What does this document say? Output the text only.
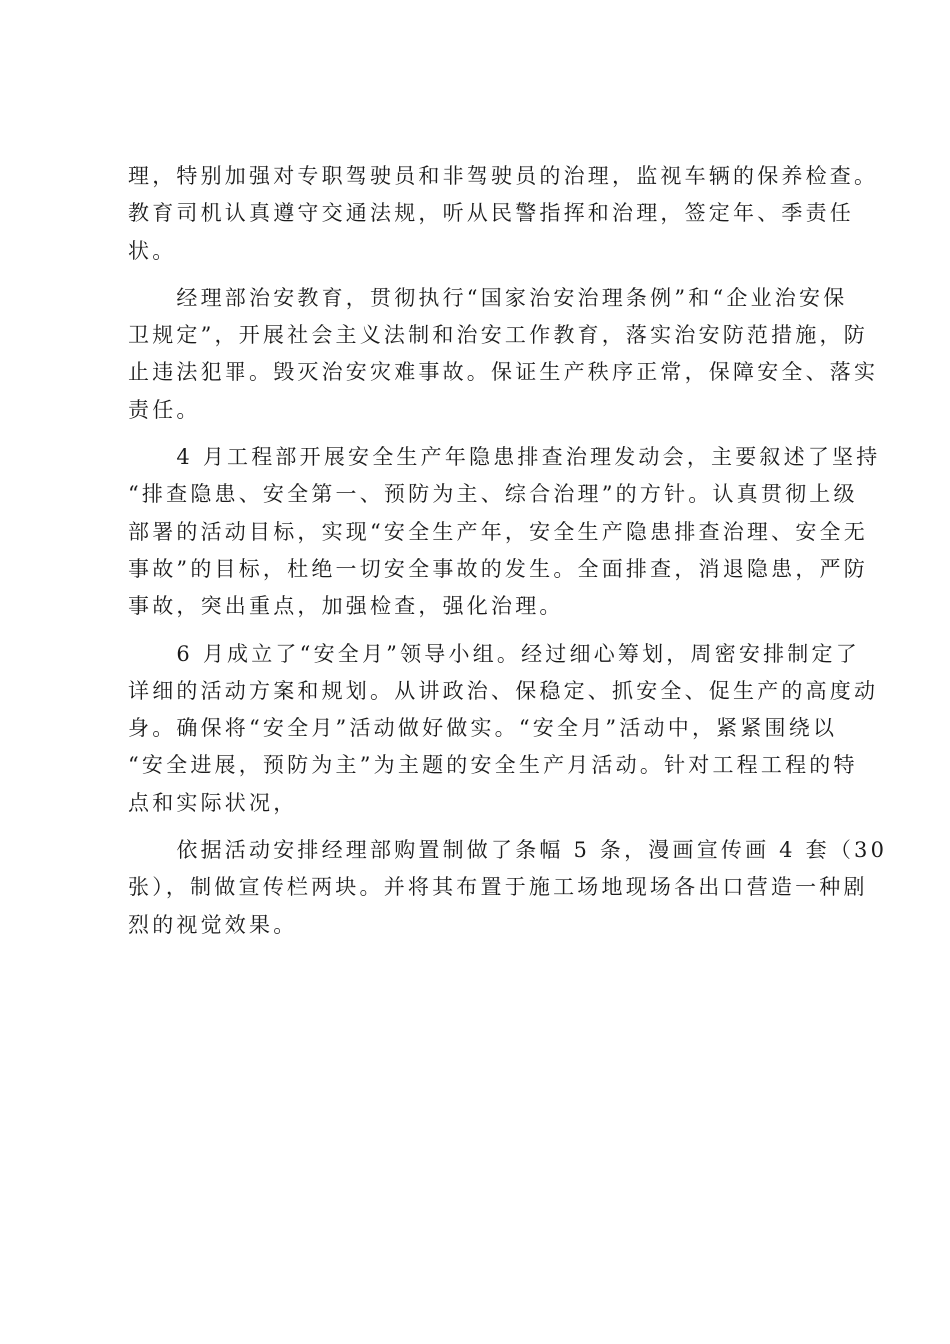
理，特别加强对专职驾驶员和非驾驶员的治理，监视车辆的保养检查。
教育司机认真遵守交通法规，听从民警指挥和治理，签定年、季责任
状。
　　经理部治安教育，贯彻执行“国家治安治理条例”和“企业治安保
卫规定”，开展社会主义法制和治安工作教育，落实治安防范措施，防
止违法犯罪。毁灭治安灾难事故。保证生产秩序正常，保障安全、落实
责任。
　　4 月工程部开展安全生产年隐患排查治理发动会，主要叙述了坚持
“排查隐患、安全第一、预防为主、综合治理”的方针。认真贯彻上级
部署的活动目标，实现“安全生产年，安全生产隐患排查治理、安全无
事故”的目标，杜绝一切安全事故的发生。全面排查，消退隐患，严防
事故，突出重点，加强检查，强化治理。
　　6 月成立了“安全月”领导小组。经过细心筹划，周密安排制定了
详细的活动方案和规划。从讲政治、保稳定、抓安全、促生产的高度动
身。确保将“安全月”活动做好做实。“安全月”活动中，紧紧围绕以
“安全进展，预防为主”为主题的安全生产月活动。针对工程工程的特
点和实际状况，
　　依据活动安排经理部购置制做了条幅 5 条，漫画宣传画 4 套（30
张），制做宣传栏两块。并将其布置于施工场地现场各出口营造一种剧
烈的视觉效果。
